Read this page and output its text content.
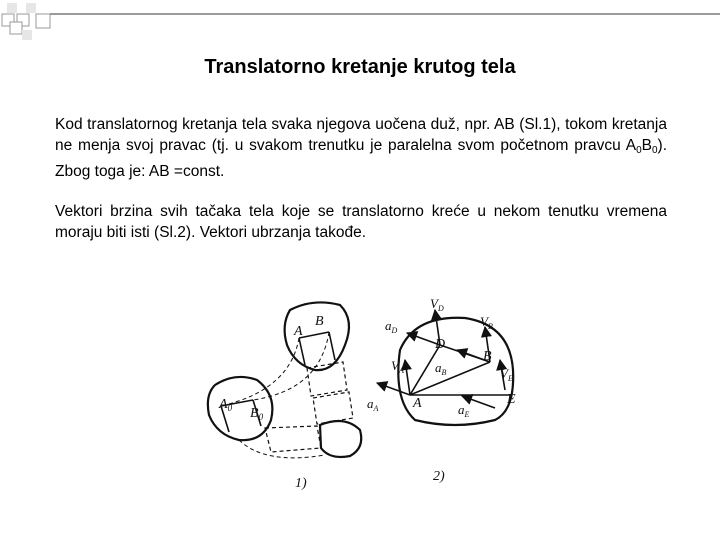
Translatorno kretanje krutog tela
Kod translatornog kretanja tela svaka njegova uočena duž, npr. AB (Sl.1), tokom kretanja ne menja svoj pravac (tj. u svakom trenutku je paralelna svom početnom pravcu $A_0B_0$). Zbog toga je: AB =const.
Vektori brzina svih tačaka tela koje se translatorno kreće u nekom tenutku vremena moraju biti isti (Sl.2). Vektori ubrzanja takođe.
A
B
$A_0$ $B_0$
1)
$V_D$
$V_B$
$a_D$
D
B
$V_A$ $a_B$	$V_E$
$a_A$ A	$a_E$
E
2)
